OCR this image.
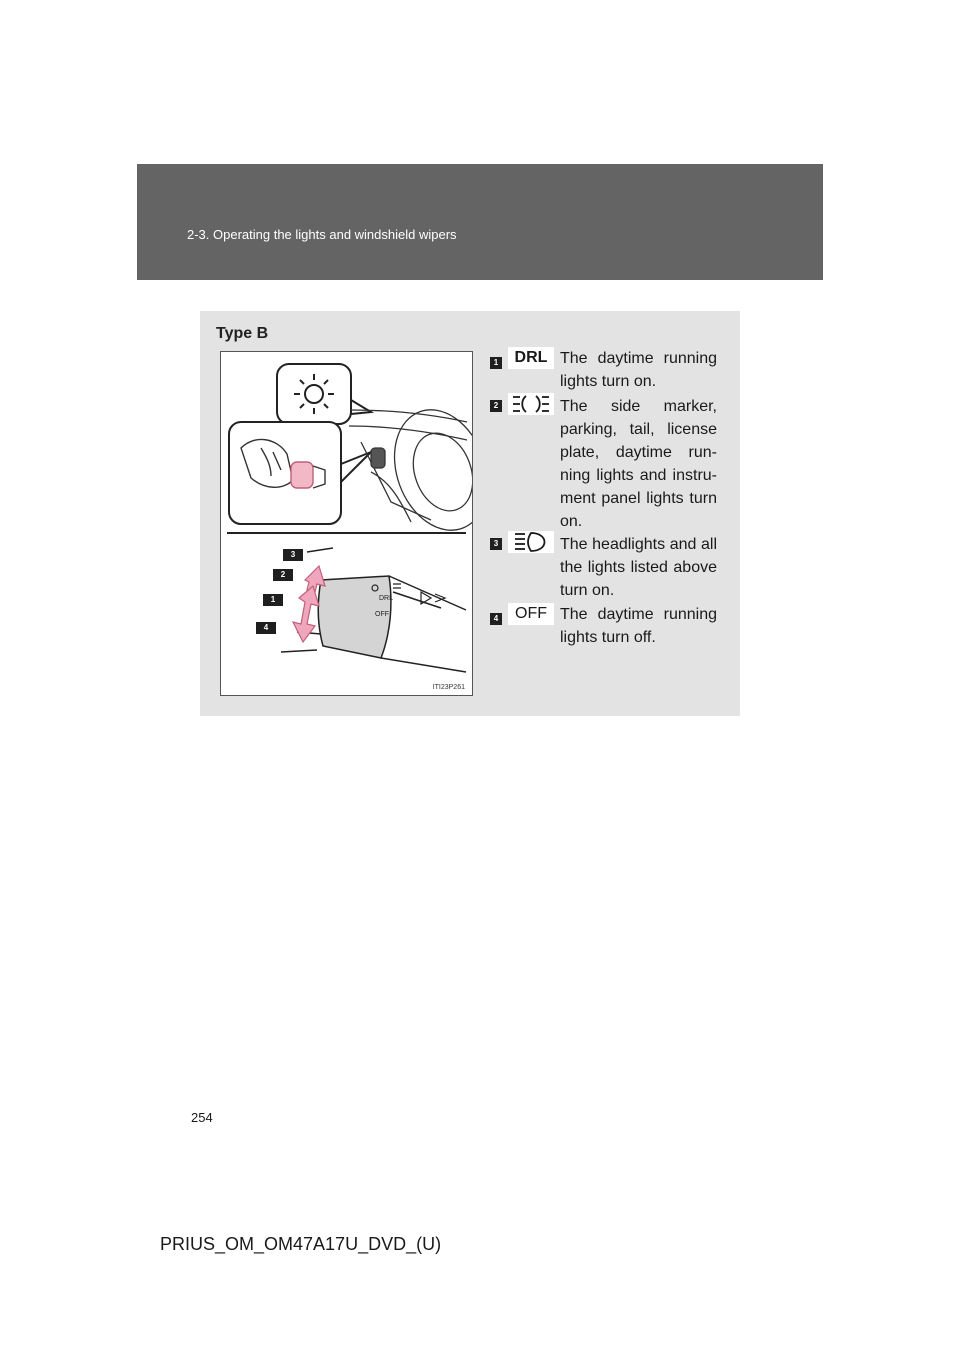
2-3. Operating the lights and windshield wipers
Type B
DRL
OFF
3
2
1
4
ITI23P261
1	DRL The daytime running lights turn on.
2	The side marker, parking, tail, license plate, daytime run-ning lights and instru-ment panel lights turn on.
3	The headlights and all the lights listed above turn on.
4	OFF The daytime running lights turn off.
254
PRIUS_OM_OM47A17U_DVD_(U)
